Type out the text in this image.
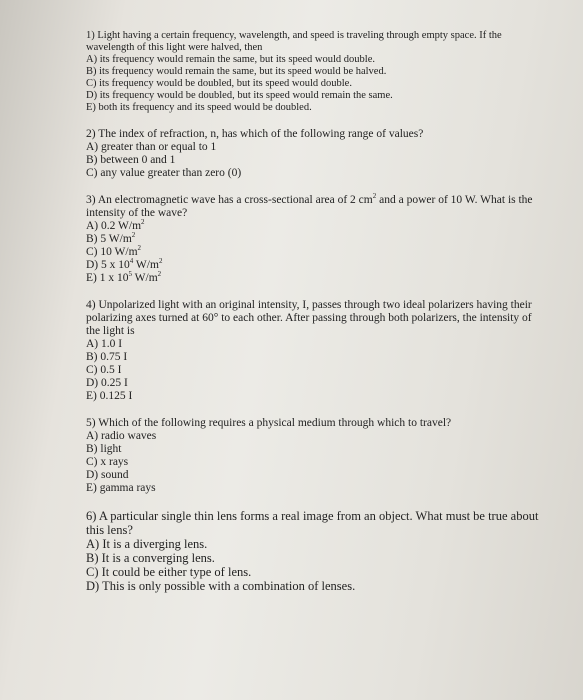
1) Light having a certain frequency, wavelength, and speed is traveling through empty space. If the wavelength of this light were halved, then
A) its frequency would remain the same, but its speed would double.
B) its frequency would remain the same, but its speed would be halved.
C) its frequency would be doubled, but its speed would double.
D) its frequency would be doubled, but its speed would remain the same.
E) both its frequency and its speed would be doubled.
2) The index of refraction, n, has which of the following range of values?
A) greater than or equal to 1
B) between 0 and 1
C) any value greater than zero (0)
3) An electromagnetic wave has a cross-sectional area of 2 $cm^2$ and a power of 10 W. What is the intensity of the wave?
A) 0.2 $W/m^2$
B) 5 $W/m^2$
C) 10 $W/m^2$
D) 5 x $10^4$ $W/m^2$
E) 1 x $10^5$ $W/m^2$
4) Unpolarized light with an original intensity, I, passes through two ideal polarizers having their polarizing axes turned at 60° to each other. After passing through both polarizers, the intensity of the light is
A) 1.0 I
B) 0.75 I
C) 0.5 I
D) 0.25 I
E) 0.125 I
5) Which of the following requires a physical medium through which to travel?
A) radio waves
B) light
C) x rays
D) sound
E) gamma rays
6) A particular single thin lens forms a real image from an object. What must be true about this lens?
A) It is a diverging lens.
B) It is a converging lens.
C) It could be either type of lens.
D) This is only possible with a combination of lenses.
